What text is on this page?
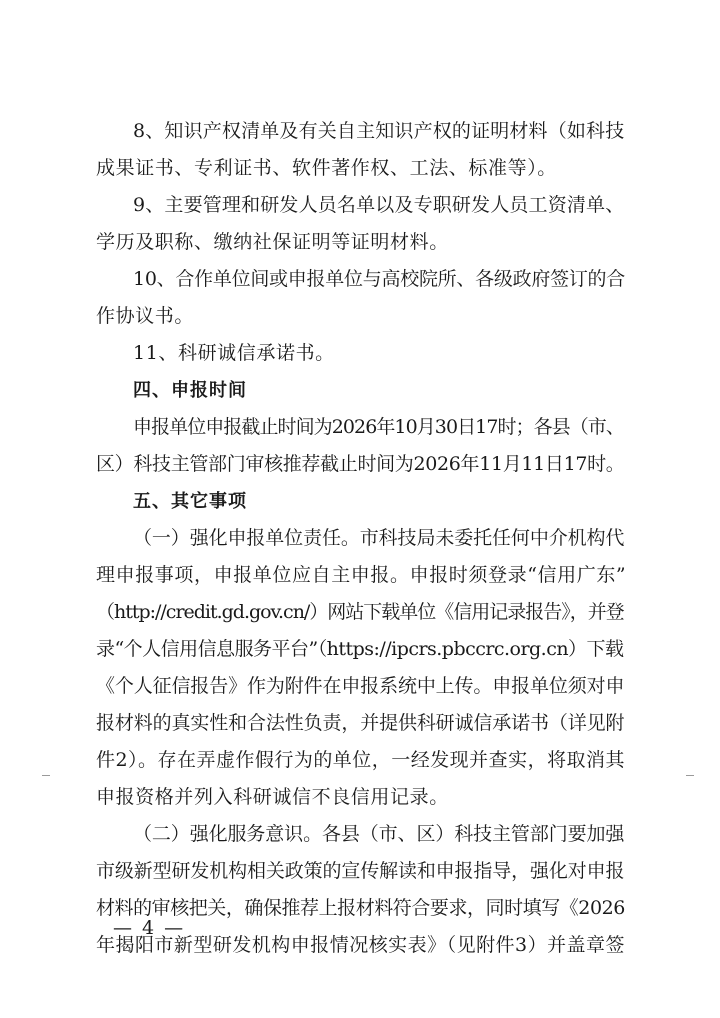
8、知识产权清单及有关自主知识产权的证明材料（如科技
成果证书、专利证书、软件著作权、工法、标准等）。
9、主要管理和研发人员名单以及专职研发人员工资清单、
学历及职称、缴纳社保证明等证明材料。
10、合作单位间或申报单位与高校院所、各级政府签订的合
作协议书。
11、科研诚信承诺书。
四、申报时间
申报单位申报截止时间为2026年10月30日17时；各县（市、
区）科技主管部门审核推荐截止时间为2026年11月11日17时。
五、其它事项
（一）强化申报单位责任。市科技局未委托任何中介机构代
理申报事项，申报单位应自主申报。申报时须登录“信用广东”
（http://credit.gd.gov.cn/）网站下载单位《信用记录报告》，并登
录“个人信用信息服务平台”（https://ipcrs.pbccrc.org.cn）下载
《个人征信报告》作为附件在申报系统中上传。申报单位须对申
报材料的真实性和合法性负责，并提供科研诚信承诺书（详见附
件2）。存在弄虚作假行为的单位，一经发现并查实，将取消其
申报资格并列入科研诚信不良信用记录。
（二）强化服务意识。各县（市、区）科技主管部门要加强
市级新型研发机构相关政策的宣传解读和申报指导，强化对申报
材料的审核把关，确保推荐上报材料符合要求，同时填写《2026
年揭阳市新型研发机构申报情况核实表》（见附件3）并盖章签
— 4 —
